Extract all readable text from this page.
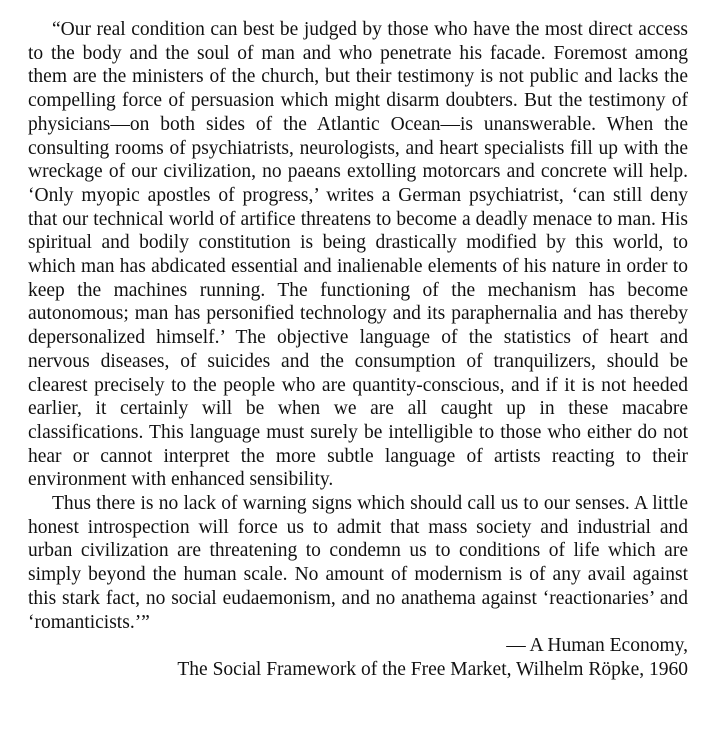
“Our real condition can best be judged by those who have the most direct access to the body and the soul of man and who penetrate his facade. Foremost among them are the ministers of the church, but their testimony is not public and lacks the compelling force of persuasion which might disarm doubters. But the testimony of physicians—on both sides of the Atlantic Ocean—is unanswerable. When the consulting rooms of psychiatrists, neurologists, and heart specialists fill up with the wreckage of our civilization, no paeans extolling motorcars and concrete will help. ‘Only myopic apostles of progress,’ writes a German psychiatrist, ‘can still deny that our technical world of artifice threatens to become a deadly menace to man. His spiritual and bodily constitution is being drastically modified by this world, to which man has abdicated essential and inalienable elements of his nature in order to keep the machines running. The functioning of the mechanism has become autonomous; man has personified technology and its paraphernalia and has thereby depersonalized himself.’ The objective language of the statistics of heart and nervous diseases, of suicides and the consumption of tranquilizers, should be clearest precisely to the people who are quantity-conscious, and if it is not heeded earlier, it certainly will be when we are all caught up in these macabre classifications. This language must surely be intelligible to those who either do not hear or cannot interpret the more subtle language of artists reacting to their environment with enhanced sensibility.

Thus there is no lack of warning signs which should call us to our senses. A little honest introspection will force us to admit that mass society and industrial and urban civilization are threatening to condemn us to conditions of life which are simply beyond the human scale. No amount of modernism is of any avail against this stark fact, no social eudaemonism, and no anathema against ‘reactionaries’ and ‘romanticists.’”

— A Human Economy,
The Social Framework of the Free Market, Wilhelm Röpke, 1960
